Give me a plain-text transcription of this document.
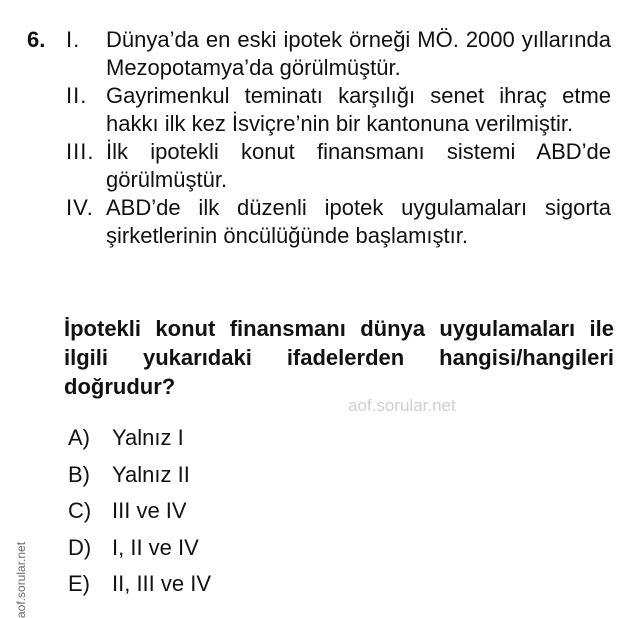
6. I.	Dünya’da en eski ipotek örneği MÖ. 2000 yıllarında Mezopotamya’da görülmüştür.
II. Gayrimenkul teminatı karşılığı senet ihraç etme hakkı ilk kez İsviçre’nin bir kantonuna verilmiştir.
III. İlk ipotekli konut finansmanı sistemi ABD’de görülmüştür.
IV. ABD’de ilk düzenli ipotek uygulamaları sigorta şirketlerinin öncülüğünde başlamıştır.
İpotekli konut finansmanı dünya uygulamaları ile ilgili yukarıdaki ifadelerden hangisi/hangileri doğrudur?
aof.sorular.net
A)	Yalnız I
B)	Yalnız II
C) III ve IV
D) I, II ve IV
E)	II, III ve IV
aof.sorular.net
